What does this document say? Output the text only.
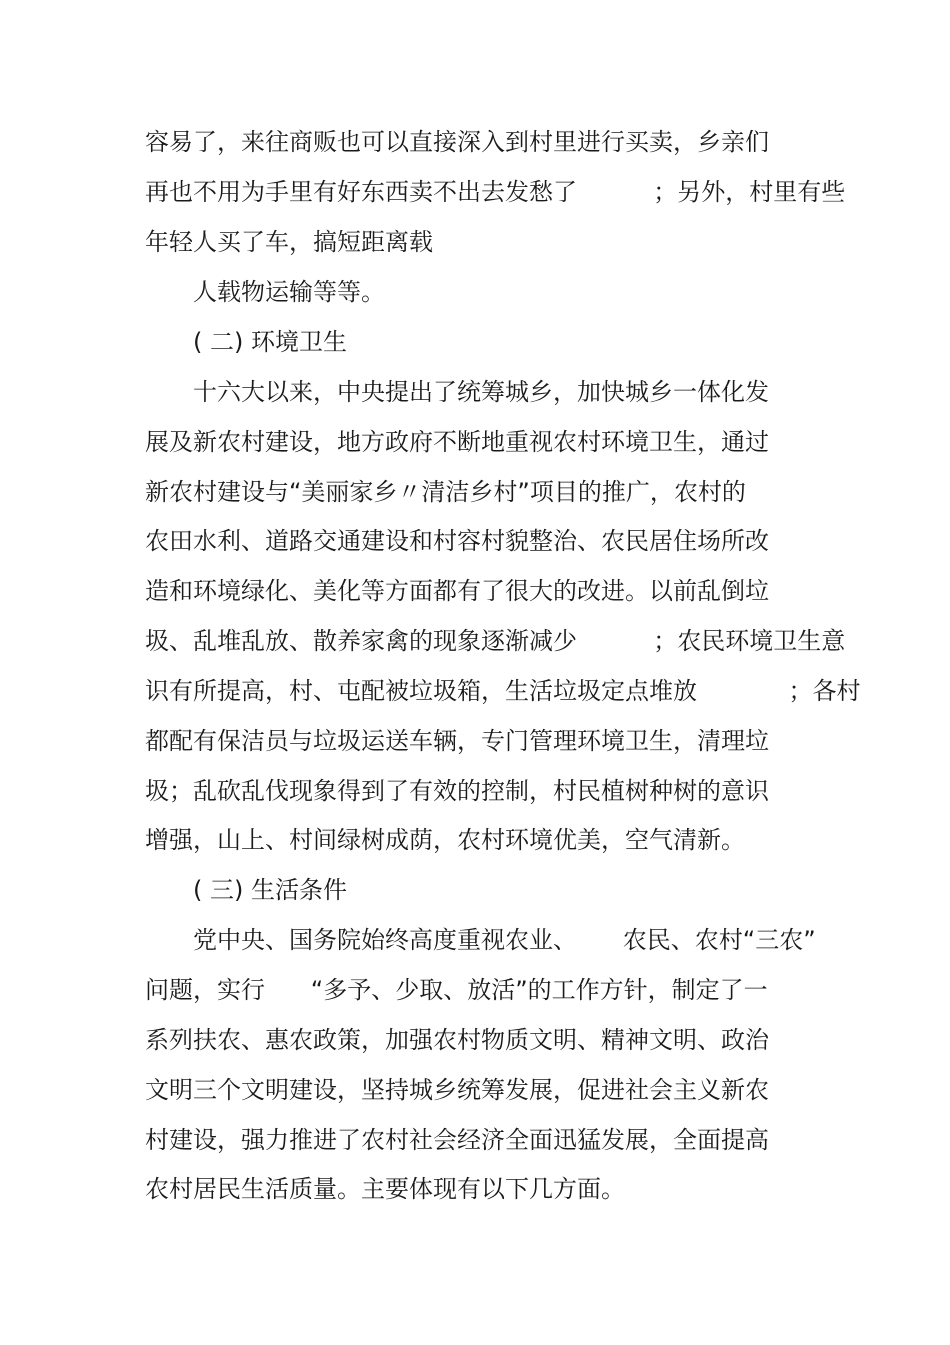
容易了，来往商贩也可以直接深入到村里进行买卖，乡亲们
再也不用为手里有好东西卖不出去发愁了          ；另外，村里有些
年轻人买了车，搞短距离载
人载物运输等等。
( 二) 环境卫生
十六大以来，中央提出了统筹城乡，加快城乡一体化发
展及新农村建设，地方政府不断地重视农村环境卫生，通过
新农村建设与“美丽家乡〃清洁乡村”项目的推广，农村的
农田水利、道路交通建设和村容村貌整治、农民居住场所改
造和环境绿化、美化等方面都有了很大的改进。以前乱倒垃
圾、乱堆乱放、散养家禽的现象逐渐减少          ；农民环境卫生意
识有所提高，村、屯配被垃圾箱，生活垃圾定点堆放            ；各村
都配有保洁员与垃圾运送车辆，专门管理环境卫生，清理垃
圾；乱砍乱伐现象得到了有效的控制，村民植树种树的意识
增强，山上、村间绿树成荫，农村环境优美，空气清新。
( 三) 生活条件
党中央、国务院始终高度重视农业、      农民、农村“三农”
问题，实行      “多予、少取、放活”的工作方针，制定了一
系列扶农、惠农政策，加强农村物质文明、精神文明、政治
文明三个文明建设，坚持城乡统筹发展，促进社会主义新农
村建设，强力推进了农村社会经济全面迅猛发展，全面提高
农村居民生活质量。主要体现有以下几方面。
